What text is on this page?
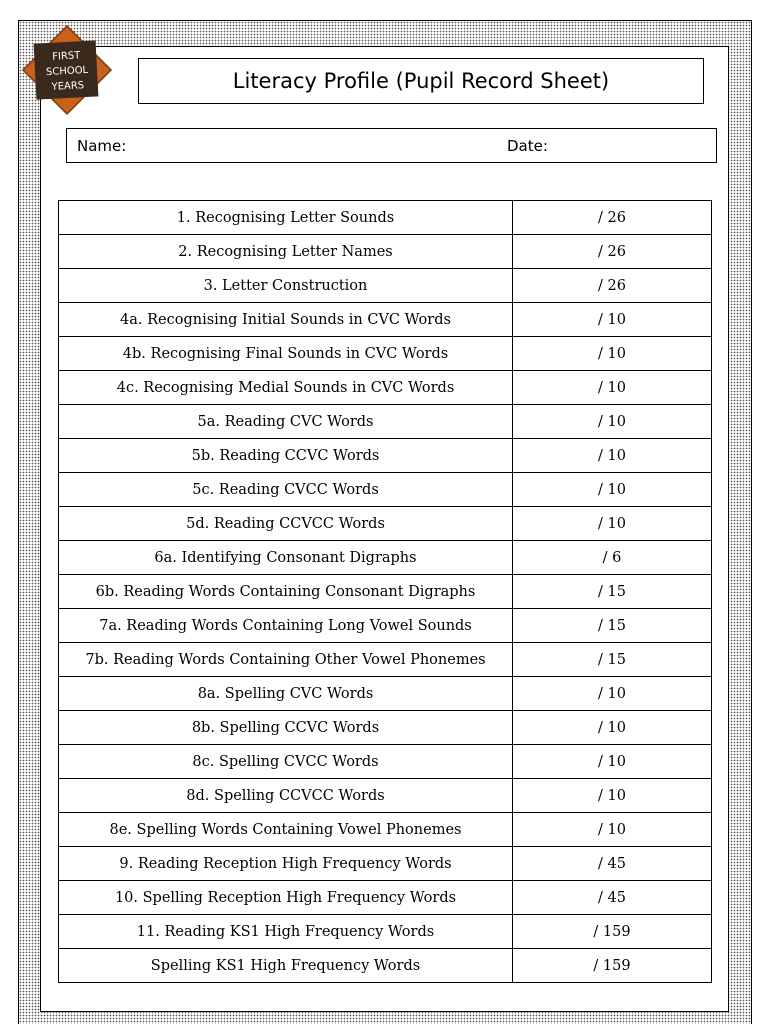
FIRST
SCHOOL
YEARS	Literacy Profile (Pupil Record Sheet)
Name:	Date:
1. Recognising Letter Sounds	/ 26
2. Recognising Letter Names	/ 26
3. Letter Construction	/ 26
4a. Recognising Initial Sounds in CVC Words	/ 10
4b. Recognising Final Sounds in CVC Words	/ 10
4c. Recognising Medial Sounds in CVC Words	/ 10
5a. Reading CVC Words	/ 10
5b. Reading CCVC Words	/ 10
5c. Reading CVCC Words	/ 10
5d. Reading CCVCC Words	/ 10
6a. Identifying Consonant Digraphs	/ 6
6b. Reading Words Containing Consonant Digraphs	/ 15
7a. Reading Words Containing Long Vowel Sounds	/ 15
7b. Reading Words Containing Other Vowel Phonemes	/ 15
8a. Spelling CVC Words	/ 10
8b. Spelling CCVC Words	/ 10
8c. Spelling CVCC Words	/ 10
8d. Spelling CCVCC Words	/ 10
8e. Spelling Words Containing Vowel Phonemes	/ 10
9. Reading Reception High Frequency Words	/ 45
10. Spelling Reception High Frequency Words	/ 45
11. Reading KS1 High Frequency Words	/ 159
Spelling KS1 High Frequency Words	/ 159
